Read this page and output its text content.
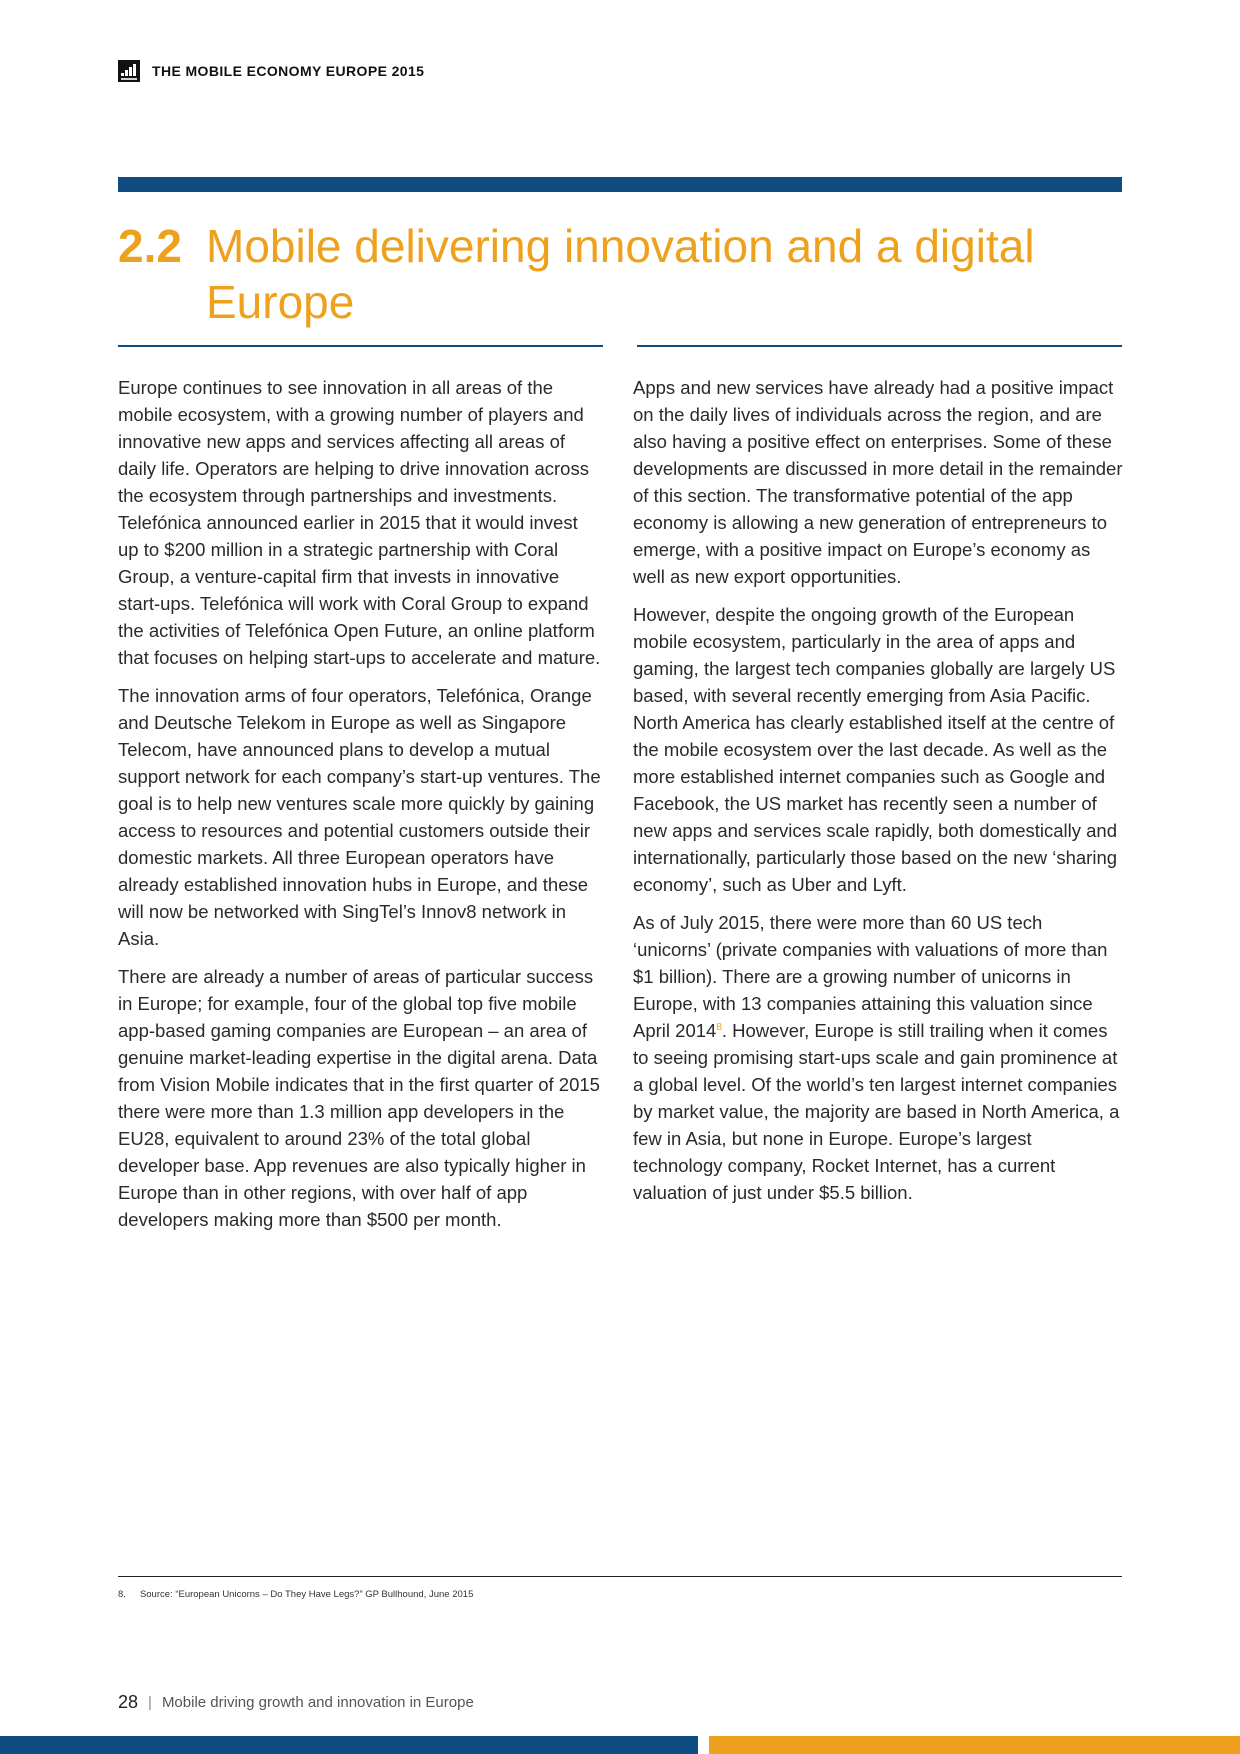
THE MOBILE ECONOMY EUROPE 2015
2.2 Mobile delivering innovation and a digital Europe

Europe continues to see innovation in all areas of the mobile ecosystem, with a growing number of players and innovative new apps and services affecting all areas of daily life. Operators are helping to drive innovation across the ecosystem through partnerships and investments. Telefónica announced earlier in 2015 that it would invest up to $200 million in a strategic partnership with Coral Group, a venture-capital firm that invests in innovative start-ups. Telefónica will work with Coral Group to expand the activities of Telefónica Open Future, an online platform that focuses on helping start-ups to accelerate and mature.

The innovation arms of four operators, Telefónica, Orange and Deutsche Telekom in Europe as well as Singapore Telecom, have announced plans to develop a mutual support network for each company’s start-up ventures. The goal is to help new ventures scale more quickly by gaining access to resources and potential customers outside their domestic markets. All three European operators have already established innovation hubs in Europe, and these will now be networked with SingTel’s Innov8 network in Asia.

There are already a number of areas of particular success in Europe; for example, four of the global top five mobile app-based gaming companies are European – an area of genuine market-leading expertise in the digital arena. Data from Vision Mobile indicates that in the first quarter of 2015 there were more than 1.3 million app developers in the EU28, equivalent to around 23% of the total global developer base. App revenues are also typically higher in Europe than in other regions, with over half of app developers making more than $500 per month.

Apps and new services have already had a positive impact on the daily lives of individuals across the region, and are also having a positive effect on enterprises. Some of these developments are discussed in more detail in the remainder of this section. The transformative potential of the app economy is allowing a new generation of entrepreneurs to emerge, with a positive impact on Europe’s economy as well as new export opportunities.

However, despite the ongoing growth of the European mobile ecosystem, particularly in the area of apps and gaming, the largest tech companies globally are largely US based, with several recently emerging from Asia Pacific. North America has clearly established itself at the centre of the mobile ecosystem over the last decade. As well as the more established internet companies such as Google and Facebook, the US market has recently seen a number of new apps and services scale rapidly, both domestically and internationally, particularly those based on the new ‘sharing economy’, such as Uber and Lyft.

As of July 2015, there were more than 60 US tech ‘unicorns’ (private companies with valuations of more than $1 billion). There are a growing number of unicorns in Europe, with 13 companies attaining this valuation since April 2014$^8$. However, Europe is still trailing when it comes to seeing promising start-ups scale and gain prominence at a global level. Of the world’s ten largest internet companies by market value, the majority are based in North America, a few in Asia, but none in Europe. Europe’s largest technology company, Rocket Internet, has a current valuation of just under $5.5 billion.

8. Source: “European Unicorns – Do They Have Legs?” GP Bullhound, June 2015
28 | Mobile driving growth and innovation in Europe
